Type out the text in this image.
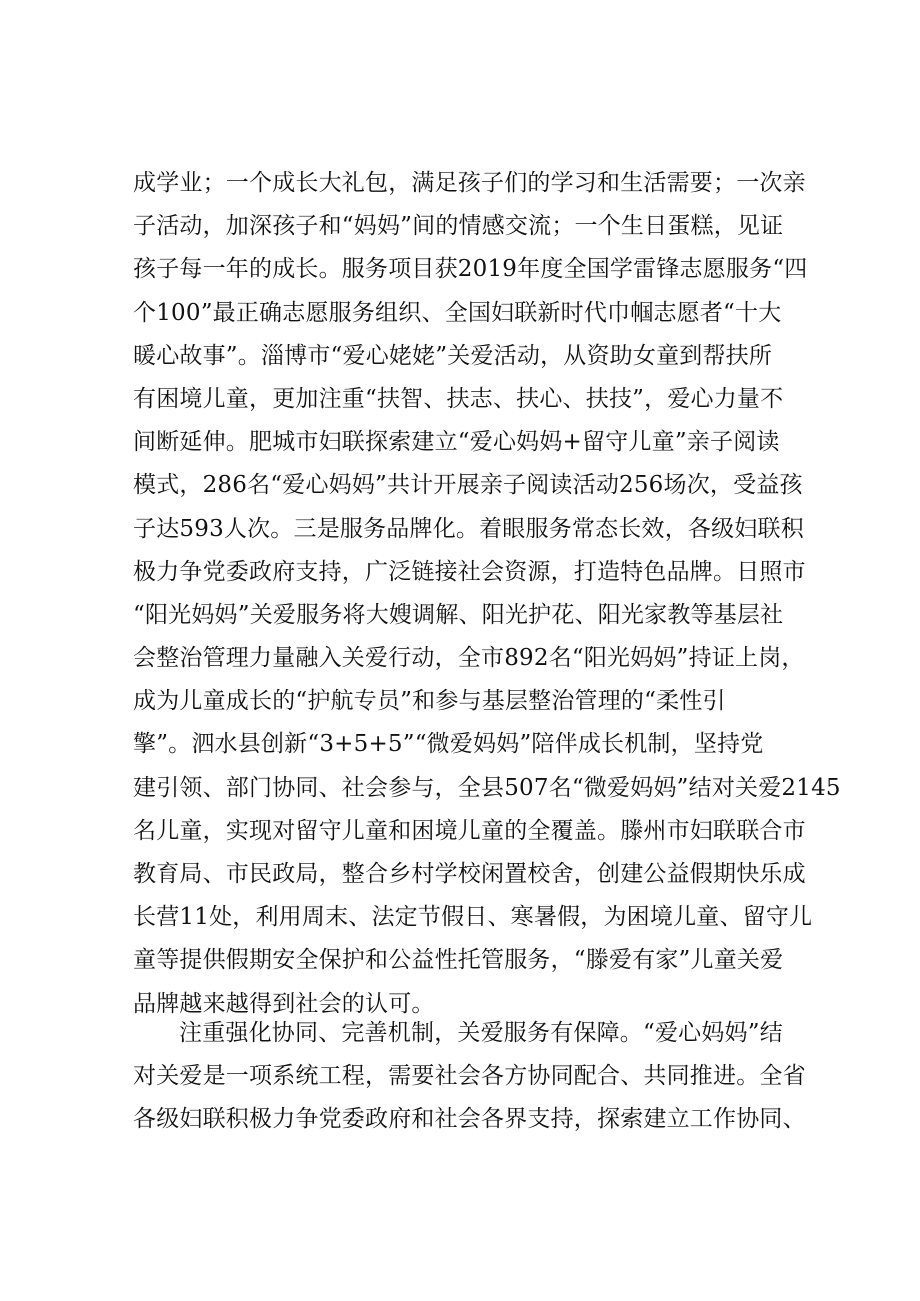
成学业；一个成长大礼包，满足孩子们的学习和生活需要；一次亲
子活动，加深孩子和“妈妈”间的情感交流；一个生日蛋糕，见证
孩子每一年的成长。服务项目获2019年度全国学雷锋志愿服务“四
个100”最正确志愿服务组织、全国妇联新时代巾帼志愿者“十大
暖心故事”。淄博市“爱心姥姥”关爱活动，从资助女童到帮扶所
有困境儿童，更加注重“扶智、扶志、扶心、扶技”，爱心力量不
间断延伸。肥城市妇联探索建立“爱心妈妈+留守儿童”亲子阅读
模式，286名“爱心妈妈”共计开展亲子阅读活动256场次，受益孩
子达593人次。三是服务品牌化。着眼服务常态长效，各级妇联积
极力争党委政府支持，广泛链接社会资源，打造特色品牌。日照市
“阳光妈妈”关爱服务将大嫂调解、阳光护花、阳光家教等基层社
会整治管理力量融入关爱行动，全市892名“阳光妈妈”持证上岗，
成为儿童成长的“护航专员”和参与基层整治管理的“柔性引
擎”。泗水县创新“3+5+5”“微爱妈妈”陪伴成长机制，坚持党
建引领、部门协同、社会参与，全县507名“微爱妈妈”结对关爱2145
名儿童，实现对留守儿童和困境儿童的全覆盖。滕州市妇联联合市
教育局、市民政局，整合乡村学校闲置校舍，创建公益假期快乐成
长营11处，利用周末、法定节假日、寒暑假，为困境儿童、留守儿
童等提供假期安全保护和公益性托管服务，“滕爱有家”儿童关爱
品牌越来越得到社会的认可。
注重强化协同、完善机制，关爱服务有保障。“爱心妈妈”结
对关爱是一项系统工程，需要社会各方协同配合、共同推进。全省
各级妇联积极力争党委政府和社会各界支持，探索建立工作协同、
